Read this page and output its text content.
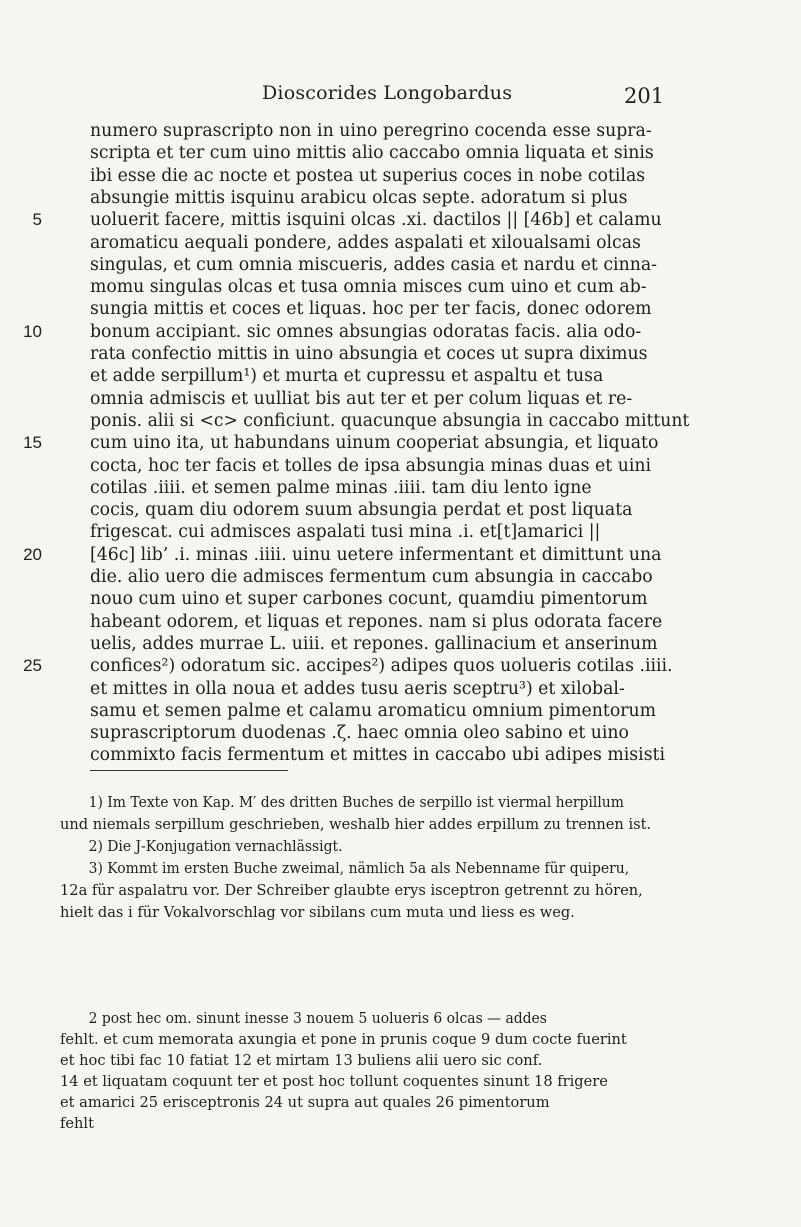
Dioscorides Longobardus	201
numero suprascripto non in uino peregrino cocenda esse supra-
scripta et ter cum uino mittis alio caccabo omnia liquata et sinis
ibi esse die ac nocte et postea ut superius coces in nobe cotilas
absungie mittis isquinu arabicu olcas septe. adoratum si plus
5	uoluerit facere, mittis isquini olcas .xi. dactilos || [46b] et calamu
aromaticu aequali pondere, addes aspalati et xiloualsami olcas
singulas, et cum omnia miscueris, addes casia et nardu et cinna-
momu singulas olcas et tusa omnia misces cum uino et cum ab-
sungia mittis et coces et liquas. hoc per ter facis, donec odorem
10	bonum accipiant. sic omnes absungias odoratas facis. alia odo-
rata confectio mittis in uino absungia et coces ut supra diximus
et adde serpillum¹) et murta et cupressu et aspaltu et tusa
omnia admiscis et uulliat bis aut ter et per colum liquas et re-
ponis. alii si <c> conficiunt. quacunque absungia in caccabo mittunt
15	cum uino ita, ut habundans uinum cooperiat absungia, et liquato
cocta, hoc ter facis et tolles de ipsa absungia minas duas et uini
cotilas .iiii. et semen palme minas .iiii. tam diu lento igne
cocis, quam diu odorem suum absungia perdat et post liquata
frigescat. cui admisces aspalati tusi mina .i. et[t]amarici ||
20	[46c] lib’ .i. minas .iiii. uinu uetere infermentant et dimittunt una
die. alio uero die admisces fermentum cum absungia in caccabo
nouo cum uino et super carbones cocunt, quamdiu pimentorum
habeant odorem, et liquas et repones. nam si plus odorata facere
uelis, addes murrae L. uiii. et repones. gallinacium et anserinum
25	confices²) odoratum sic. accipes²) adipes quos uolueris cotilas .iiii.
et mittes in olla noua et addes tusu aeris sceptru³) et xilobal-
samu et semen palme et calamu aromaticu omnium pimentorum
suprascriptorum duodenas .ζ. haec omnia oleo sabino et uino
commixto facis fermentum et mittes in caccabo ubi adipes misisti
1) Im Texte von Kap. M′ des dritten Buches de serpillo ist viermal herpillum
und niemals serpillum geschrieben, weshalb hier addes erpillum zu trennen ist.
2) Die J-Konjugation vernachlässigt.3) Kommt im ersten Buche zweimal, nämlich 5a als Nebenname für quiperu,
12a für aspalatru vor. Der Schreiber glaubte erys isceptron getrennt zu hören,
hielt das i für Vokalvorschlag vor sibilans cum muta und liess es weg.
2 post hec om. sinunt inesse 3 nouem 5 uolueris 6 olcas — addes
fehlt. et cum memorata axungia et pone in prunis coque 9 dum cocte fuerint
et hoc tibi fac 10 fatiat 12 et mirtam 13 buliens alii uero sic conf.
14 et liquatam coquunt ter et post hoc tollunt coquentes sinunt 18 frigere
et amarici 25 erisceptronis 24 ut supra aut quales 26 pimentorum
fehlt
